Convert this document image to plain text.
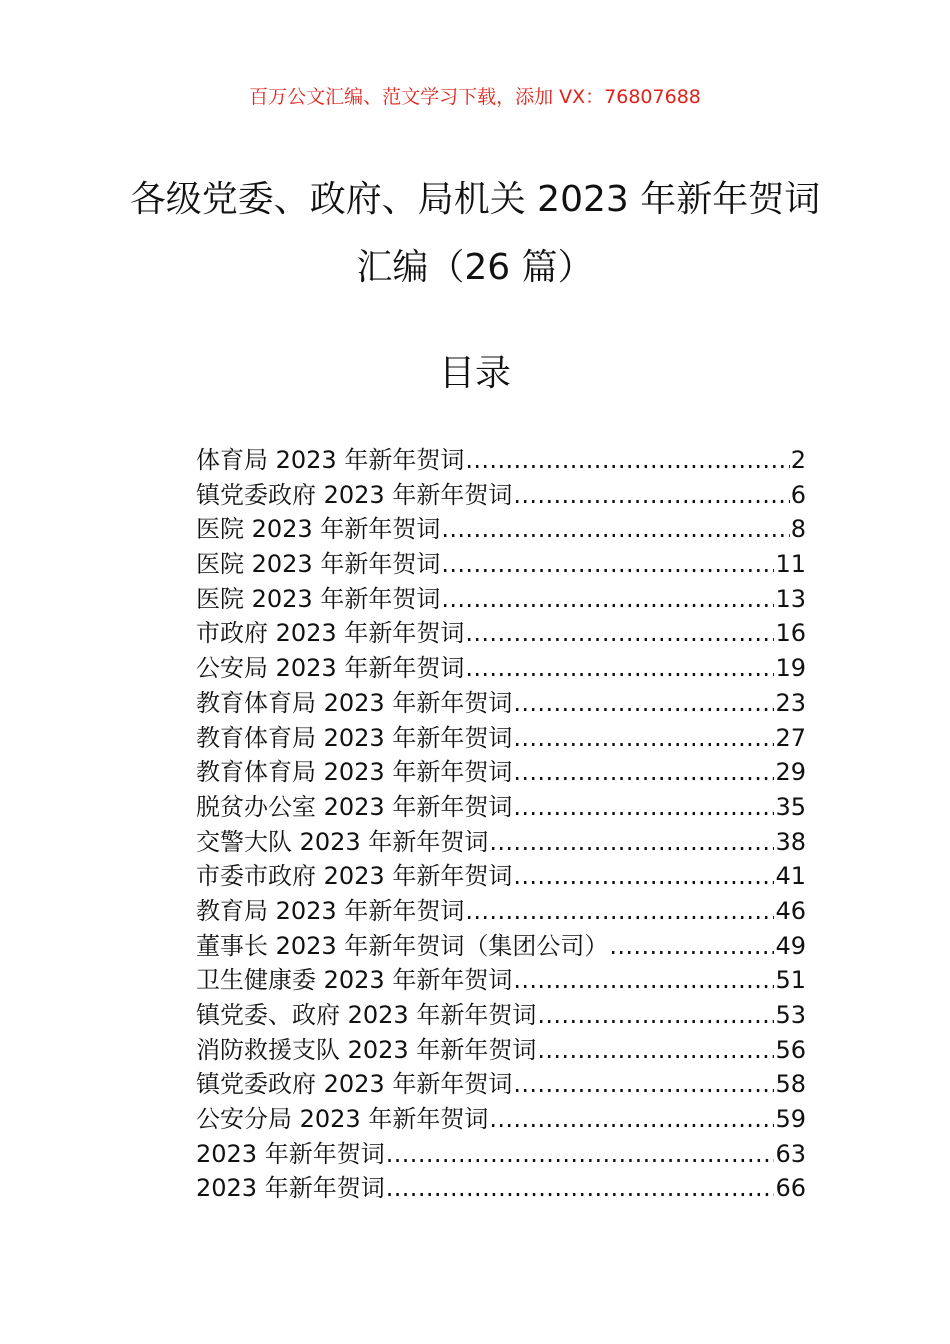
百万公文汇编、范文学习下载，添加 VX：76807688
各级党委、政府、局机关 2023 年新年贺词
汇编（26 篇）
目录
体育局 2023 年新年贺词 .....	2
镇党委政府 2023 年新年贺词 .....	6
医院 2023 年新年贺词 .....	8
医院 2023 年新年贺词 .....	11
医院 2023 年新年贺词 .....	13
市政府 2023 年新年贺词 .....	16
公安局 2023 年新年贺词 .....	19
教育体育局 2023 年新年贺词 .....	23
教育体育局 2023 年新年贺词 .....	27
教育体育局 2023 年新年贺词 .....	29
脱贫办公室 2023 年新年贺词 .....	35
交警大队 2023 年新年贺词 .....	38
市委市政府 2023 年新年贺词 .....	41
教育局 2023 年新年贺词 .....	46
董事长 2023 年新年贺词（集团公司） .....	49
卫生健康委 2023 年新年贺词 .....	51
镇党委、政府 2023 年新年贺词 .....	53
消防救援支队 2023 年新年贺词 .....	56
镇党委政府 2023 年新年贺词 .....	58
公安分局 2023 年新年贺词 .....	59
2023 年新年贺词 .....	63
2023 年新年贺词 .....	66
